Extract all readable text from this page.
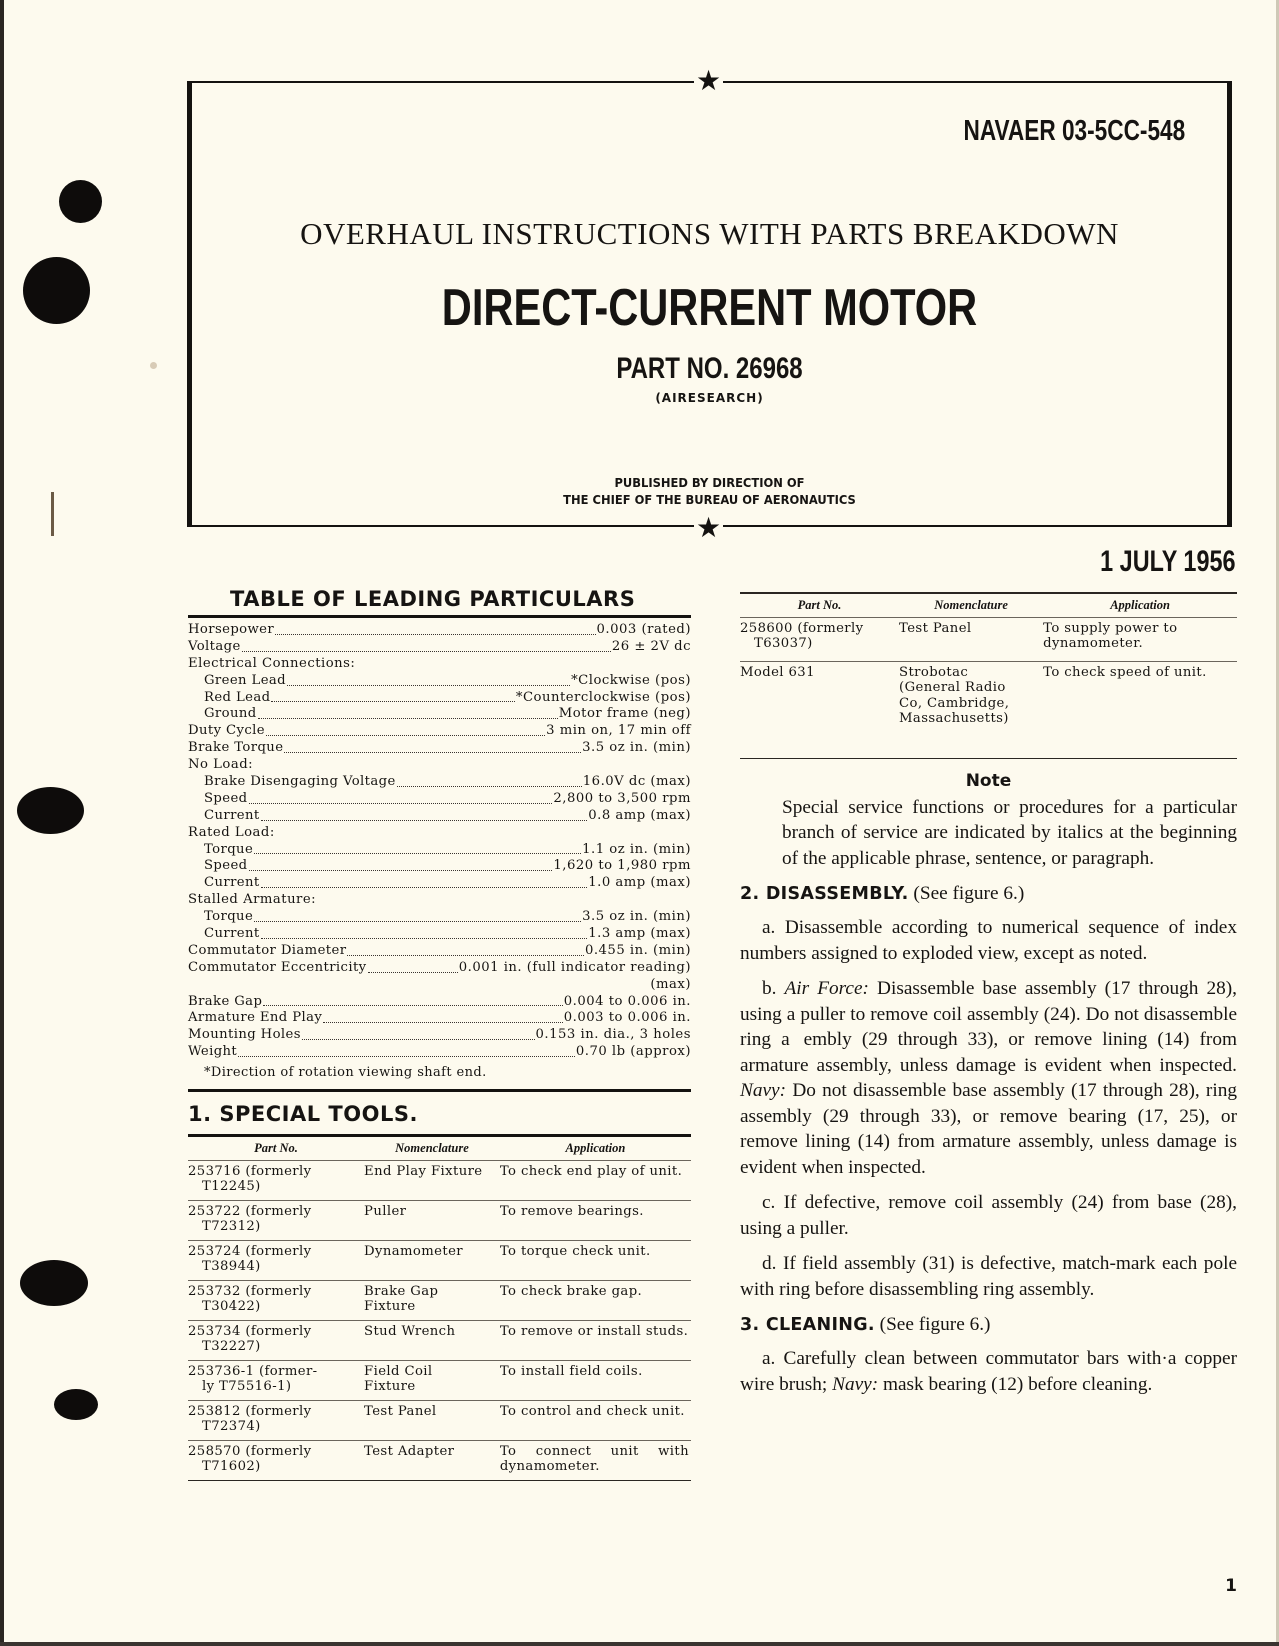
★
★
NAVAER 03-5CC-548
OVERHAUL INSTRUCTIONS WITH PARTS BREAKDOWN
DIRECT-CURRENT MOTOR
PART NO. 26968
(AIRESEARCH)
PUBLISHED BY DIRECTION OF
THE CHIEF OF THE BUREAU OF AERONAUTICS
1 JULY 1956
TABLE OF LEADING PARTICULARS
Horsepower	0.003 (rated)
Voltage	26 ± 2V dc
Electrical Connections:
Green Lead	*Clockwise (pos)
Red Lead	*Counterclockwise (pos)
Ground	Motor frame (neg)
Duty Cycle	3 min on, 17 min off
Brake Torque	3.5 oz in. (min)
No Load:
Brake Disengaging Voltage	16.0V dc (max)
Speed	2,800 to 3,500 rpm
Current	0.8 amp (max)
Rated Load:
Torque	1.1 oz in. (min)
Speed	1,620 to 1,980 rpm
Current	1.0 amp (max)
Stalled Armature:
Torque	3.5 oz in. (min)
Current	1.3 amp (max)
Commutator Diameter	0.455 in. (min)
Commutator Eccentricity	0.001 in. (full indicator reading)
(max)
Brake Gap	0.004 to 0.006 in.
Armature End Play	0.003 to 0.006 in.
Mounting Holes	0.153 in. dia., 3 holes
Weight	0.70 lb (approx)
*Direction of rotation viewing shaft end.
1. SPECIAL TOOLS.
Part No.	Nomenclature	Application
253716 (formerly
T12245)	End Play Fixture	To check end play of unit.
253722 (formerly
T72312)	Puller	To remove bearings.
253724 (formerly
T38944)	Dynamometer	To torque check unit.
253732 (formerly
T30422)	Brake Gap Fixture	To check brake gap.
253734 (formerly
T32227)	Stud Wrench	To remove or install studs.
253736-1 (former-
ly T75516-1)	Field Coil Fixture	To install field coils.
253812 (formerly
T72374)	Test Panel	To control and check unit.
258570 (formerly
T71602)	Test Adapter	To connect unit with dynamometer.
Part No.	Nomenclature	Application
258600 (formerly
T63037)	Test Panel	To supply power to dynamometer.
Model 631	Strobotac (General Radio Co, Cambridge, Massachusetts)	To check speed of unit.
Note
Special service functions or procedures for a particular branch of service are indicated by italics at the beginning of the applicable phrase, sentence, or paragraph.
2. DISASSEMBLY. (See figure 6.)
a. Disassemble according to numerical sequence of index numbers assigned to exploded view, except as noted.
b. Air Force: Disassemble base assembly (17 through 28), using a puller to remove coil assembly (24). Do not disassemble ring a  embly (29 through 33), or remove lining (14) from armature assembly, unless damage is evident when inspected. Navy: Do not disassemble base assembly (17 through 28), ring assembly (29 through 33), or remove bearing (17, 25), or remove lining (14) from armature assembly, unless damage is evident when inspected.
c. If defective, remove coil assembly (24) from base (28), using a puller.
d. If field assembly (31) is defective, match-mark each pole with ring before disassembling ring assembly.
3. CLEANING. (See figure 6.)
a. Carefully clean between commutator bars with·a copper wire brush; Navy: mask bearing (12) before cleaning.
1
